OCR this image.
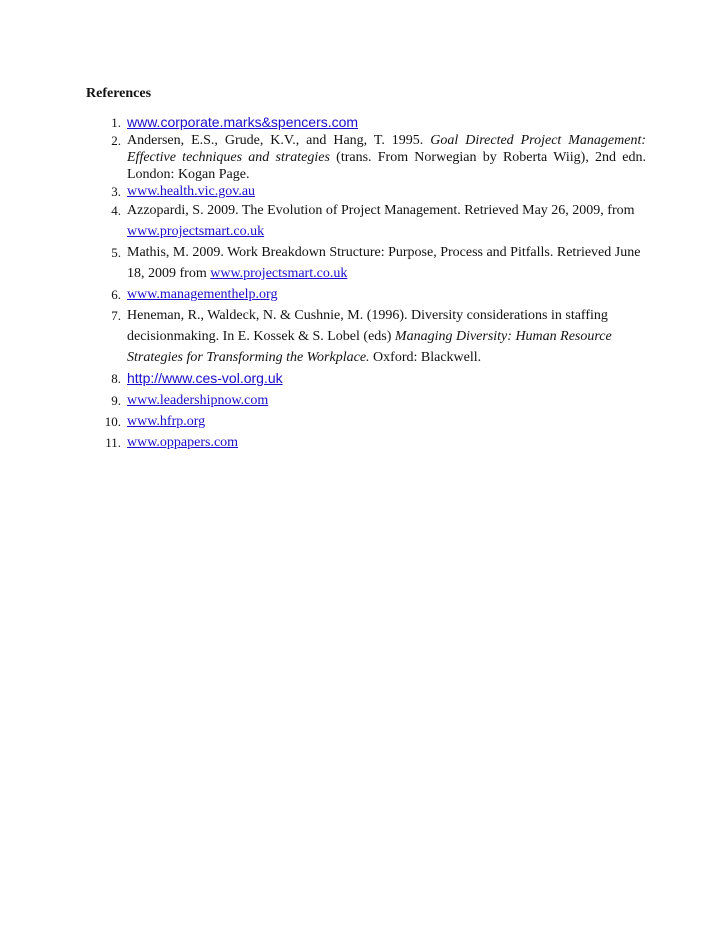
References
1. www.corporate.marks&spencers.com
2. Andersen, E.S., Grude, K.V., and Hang, T. 1995. Goal Directed Project Management: Effective techniques and strategies (trans. From Norwegian by Roberta Wiig), 2nd edn. London: Kogan Page.
3. www.health.vic.gov.au
4. Azzopardi, S. 2009. The Evolution of Project Management. Retrieved May 26, 2009, from www.projectsmart.co.uk
5. Mathis, M. 2009. Work Breakdown Structure: Purpose, Process and Pitfalls. Retrieved June 18, 2009 from www.projectsmart.co.uk
6. www.managementhelp.org
7. Heneman, R., Waldeck, N. & Cushnie, M. (1996). Diversity considerations in staffing decisionmaking. In E. Kossek & S. Lobel (eds) Managing Diversity: Human Resource Strategies for Transforming the Workplace. Oxford: Blackwell.
8. http://www.ces-vol.org.uk
9. www.leadershipnow.com
10. www.hfrp.org
11. www.oppapers.com
